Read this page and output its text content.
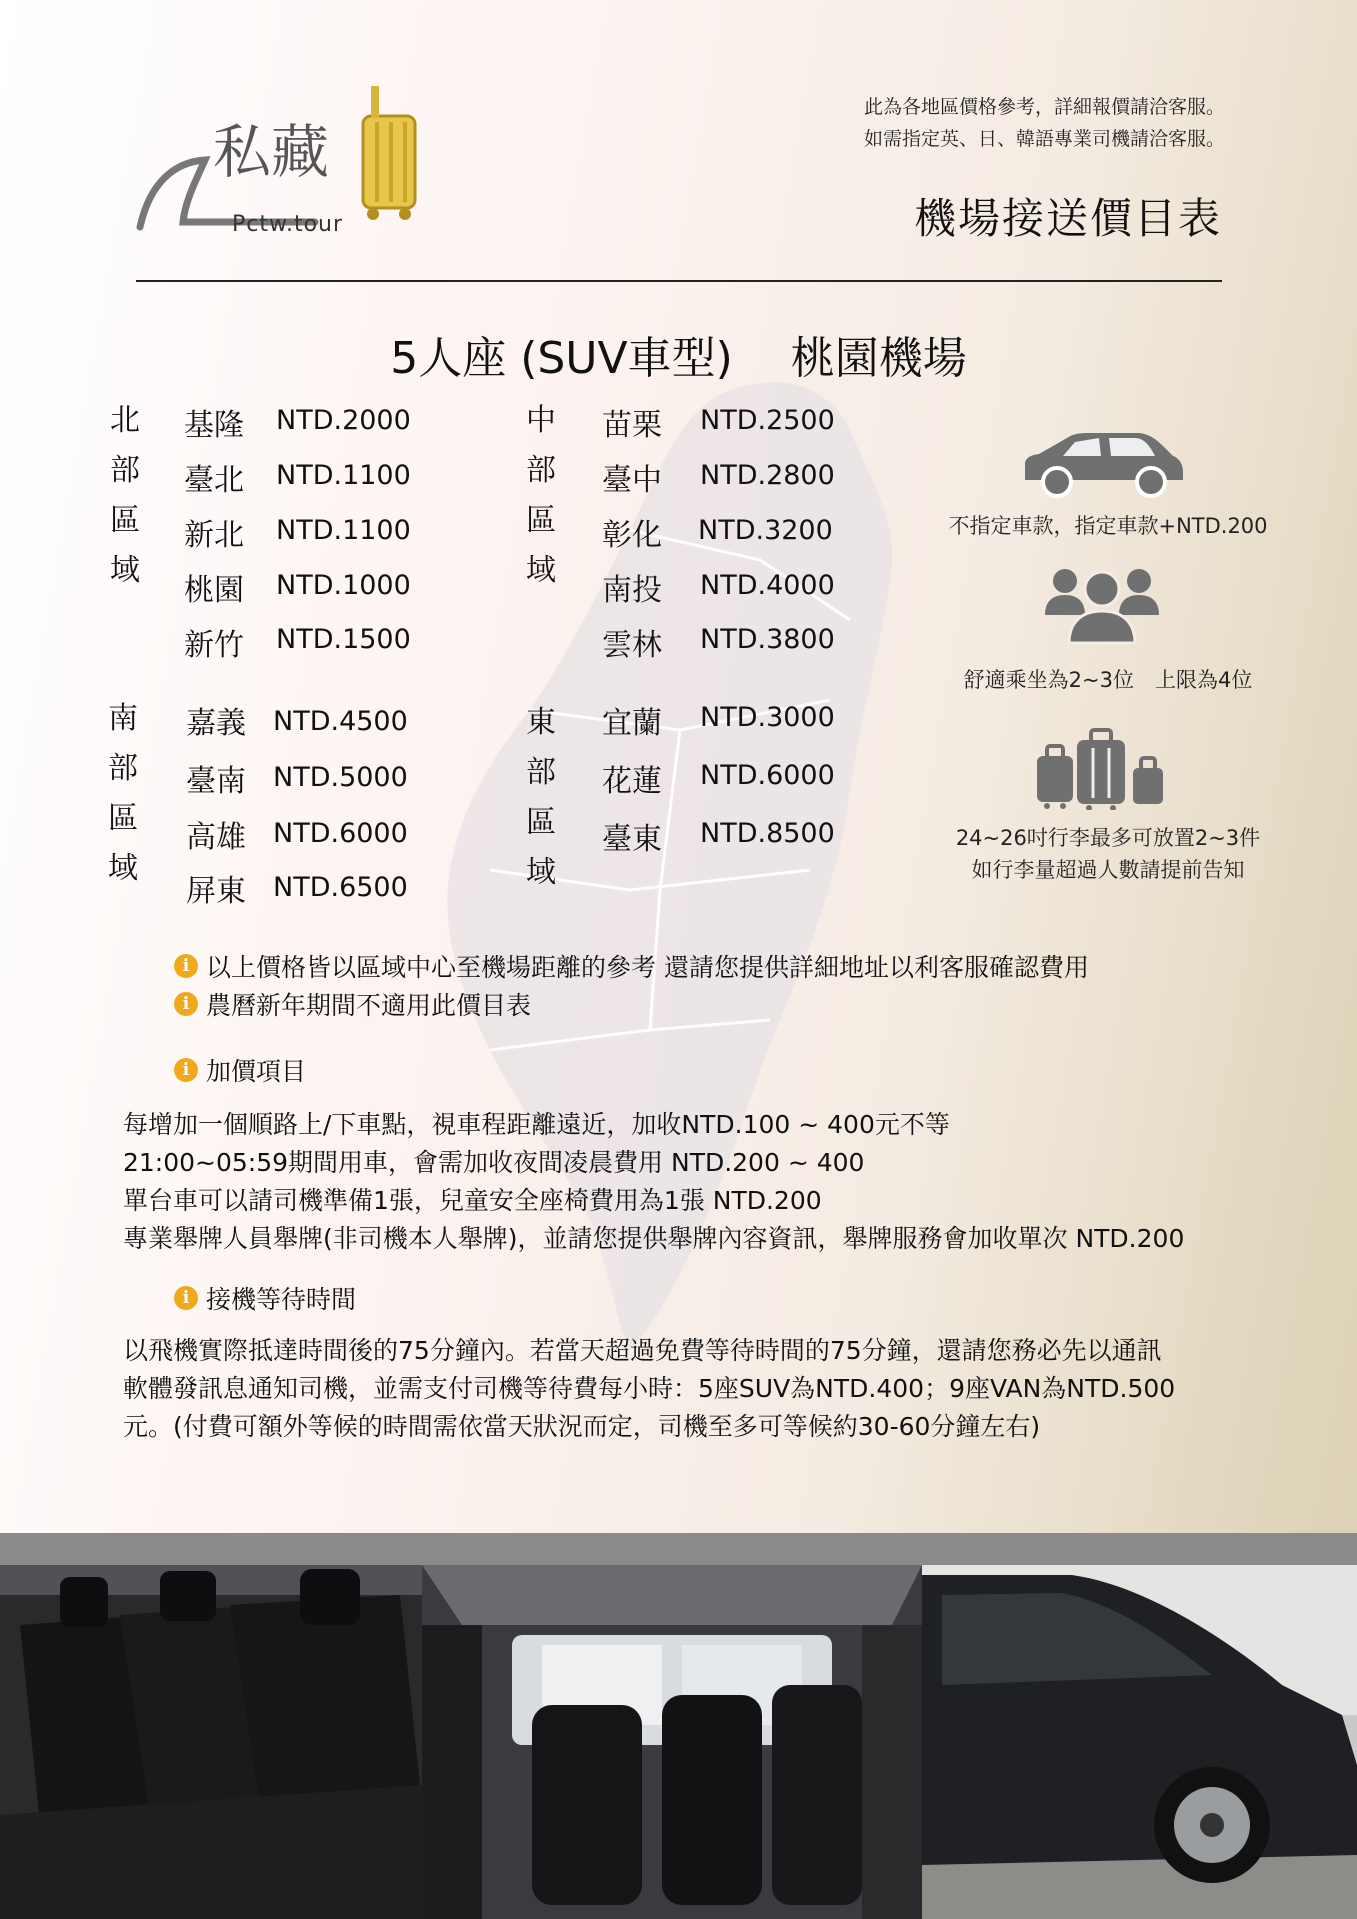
私藏
Pctw.tour
此為各地區價格參考，詳細報價請洽客服。
如需指定英、日、韓語專業司機請洽客服。
機場接送價目表
5人座 (SUV車型) 桃園機場
北
部
區
域
基隆 NTD.2000
臺北 NTD.1100
新北 NTD.1100
桃園 NTD.1000
新竹 NTD.1500
中
部
區
域
苗栗 NTD.2500
臺中 NTD.2800
彰化 NTD.3200
南投 NTD.4000
雲林 NTD.3800
南
部
區
域
嘉義 NTD.4500
臺南 NTD.5000
高雄 NTD.6000
屏東 NTD.6500
東
部
區
域
宜蘭 NTD.3000
花蓮 NTD.6000
臺東 NTD.8500
不指定車款，指定車款+NTD.200
舒適乘坐為2~3位　上限為4位
24~26吋行李最多可放置2~3件
如行李量超過人數請提前告知
i 以上價格皆以區域中心至機場距離的參考 還請您提供詳細地址以利客服確認費用
i 農曆新年期間不適用此價目表
i 加價項目
每增加一個順路上/下車點，視車程距離遠近，加收NTD.100 ~ 400元不等
21:00~05:59期間用車，會需加收夜間凌晨費用 NTD.200 ~ 400
單台車可以請司機準備1張，兒童安全座椅費用為1張 NTD.200
專業舉牌人員舉牌(非司機本人舉牌)，並請您提供舉牌內容資訊，舉牌服務會加收單次 NTD.200
i 接機等待時間
以飛機實際抵達時間後的75分鐘內。若當天超過免費等待時間的75分鐘，還請您務必先以通訊
軟體發訊息通知司機，並需支付司機等待費每小時：5座SUV為NTD.400；9座VAN為NTD.500
元。(付費可額外等候的時間需依當天狀況而定，司機至多可等候約30-60分鐘左右)
